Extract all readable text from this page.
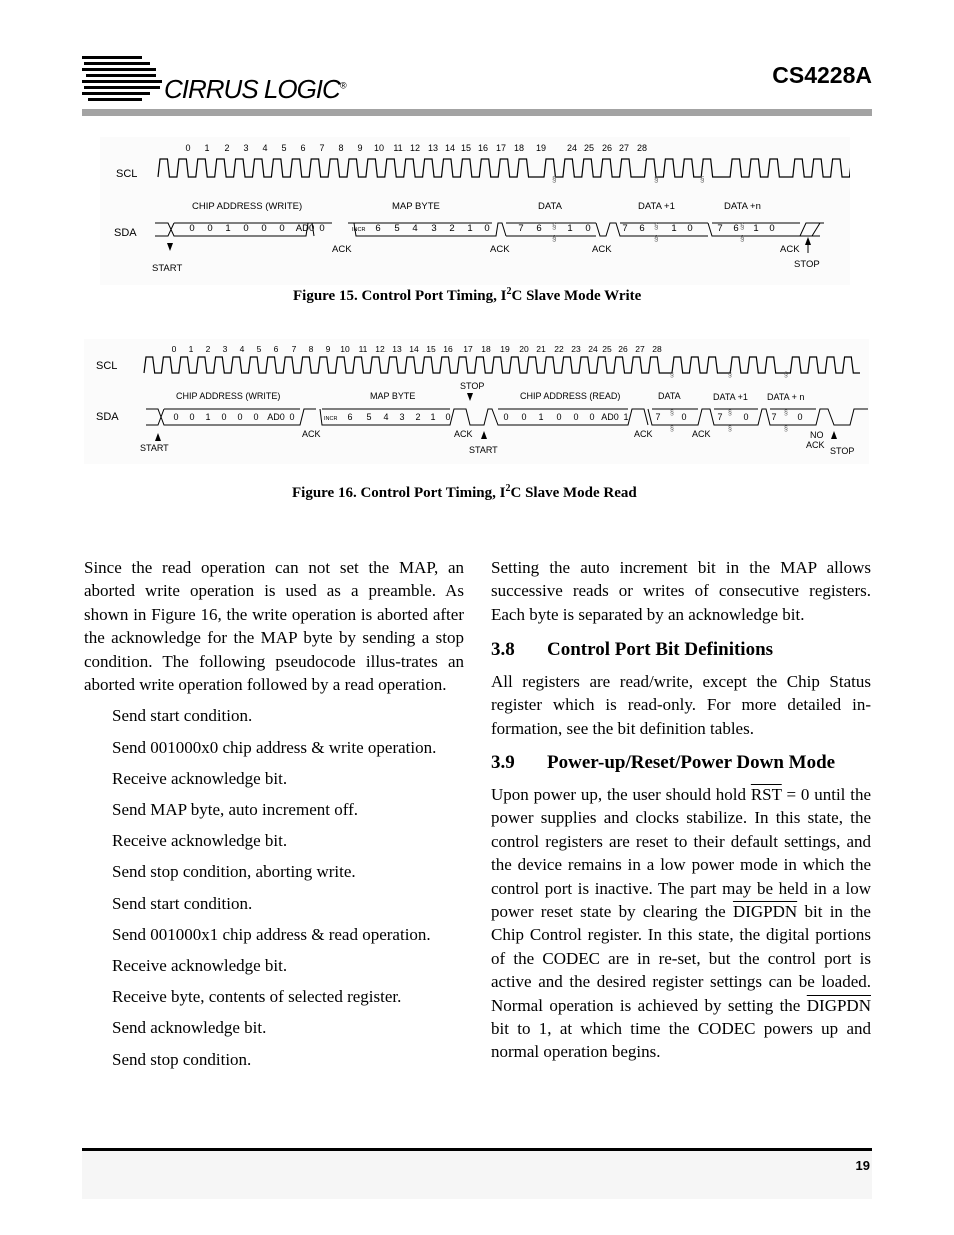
CIRRUS LOGIC®	CS4228A
SCL
SDA
0 1 2 3 4 5 6 7 8 9 10 11 12 13 14 15 16 17 18 19 24 25 26 27 28
CHIP ADDRESS (WRITE)	MAP BYTE	DATA	DATA +1	DATA +n
0 0 1 0 0 0 AD0 0	6 5 4 3 2 1 0	7 6	1 0	7 6	1 0	7 6 1 0
INCR
ACK	ACK	ACK	ACK
START	STOP
§
§
§
§
§
§
§
§
§
Figure 15. Control Port Timing, $I^2C$ Slave Mode Write
SCL
SDA
0 1 2 3 4 5 6 7 8 9 10 11 12 13 14 15 16 17 18 19 20 21 22 23 24 25 26 27 28
CHIP ADDRESS (WRITE)	MAP BYTE
STOP
CHIP ADDRESS (READ)	DATA	DATA +1 DATA + n
0 0 1 0 0 0 AD0 0	6 5 4 3 2 1 0	0 0 1 0 0 0 AD0 1	7 0	7 0	7 0
INCR
ACK	ACK	ACK	ACK	NO
ACK
START	START	STOP
§
§
§
§
§
§
§
§
§
Figure 16. Control Port Timing, $I^2C$ Slave Mode Read

Since the read operation can not set the MAP, an aborted write operation is used as a preamble. As shown in Figure 16, the write operation is aborted after the acknowledge for the MAP byte by sending a stop condition. The following pseudocode illus-trates an aborted write operation followed by a read operation.

Send start condition.
Send 001000x0 chip address & write operation.
Receive acknowledge bit.
Send MAP byte, auto increment off.
Receive acknowledge bit.
Send stop condition, aborting write.
Send start condition.
Send 001000x1 chip address & read operation.
Receive acknowledge bit.
Receive byte, contents of selected register.
Send acknowledge bit.
Send stop condition.

Setting the auto increment bit in the MAP allows successive reads or writes of consecutive registers. Each byte is separated by an acknowledge bit.

3.8 Control Port Bit Definitions

All registers are read/write, except the Chip Status register which is read-only. For more detailed in-formation, see the bit definition tables.

3.9 Power-up/Reset/Power Down Mode

Upon power up, the user should hold $\overline{RST} = 0$ until the power supplies and clocks stabilize. In this state, the control registers are reset to their default settings, and the device remains in a low power mode in which the control port is inactive. The part may be held in a low power reset state by clearing the DIGPDN bit in the Chip Control register. In this state, the digital portions of the CODEC are in re-set, but the control port is active and the desired register settings can be loaded. Normal operation is achieved by setting the DIGPDN bit to 1, at which time the CODEC powers up and normal operation begins.

19
